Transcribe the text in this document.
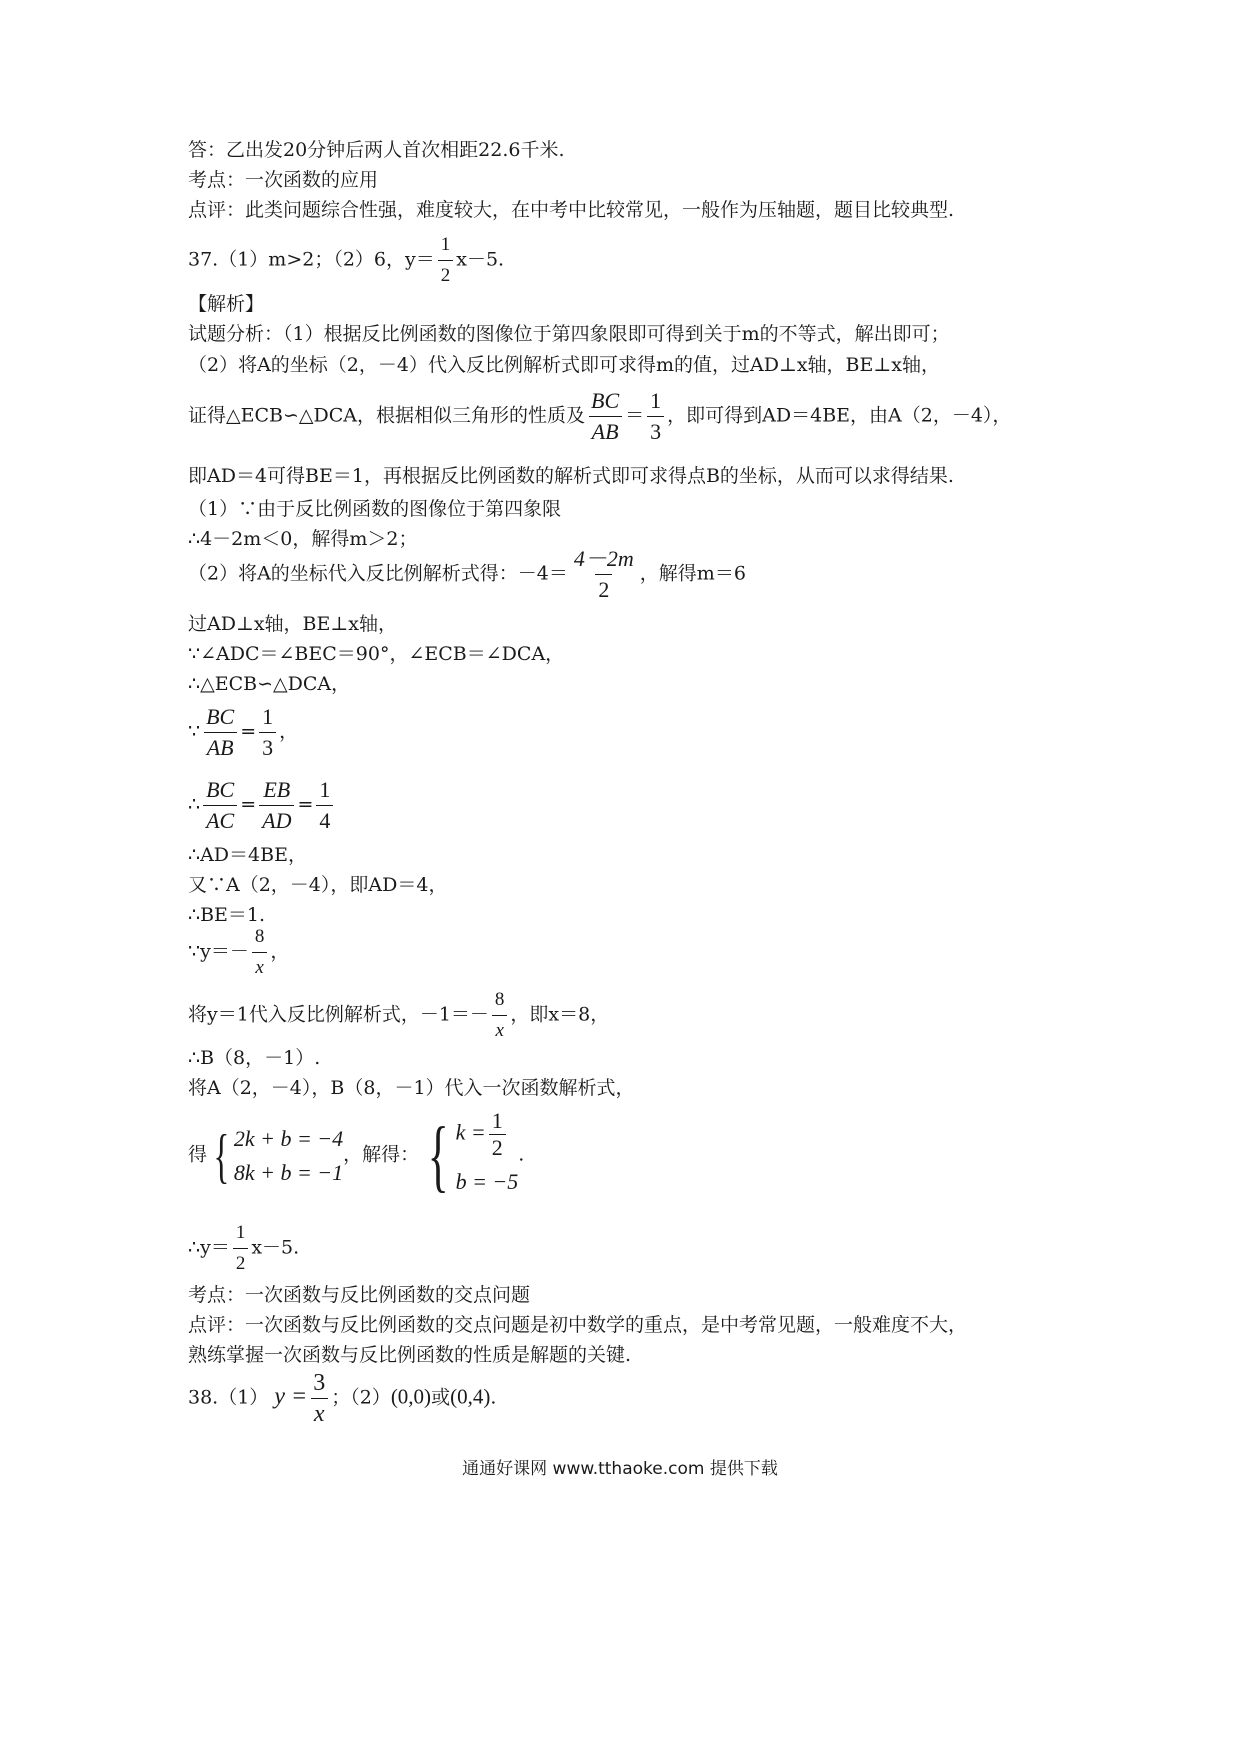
答：乙出发20分钟后两人首次相距22.6千米.
考点：一次函数的应用
点评：此类问题综合性强，难度较大，在中考中比较常见，一般作为压轴题，题目比较典型.
37.（1）m>2；（2）6，$y= \frac{1}{2} x-5$.
【解析】
试题分析：（1）根据反比例函数的图像位于第四象限即可得到关于m的不等式，解出即可；
（2）将A的坐标（2，－4）代入反比例解析式即可求得m的值，过AD⊥x轴，BE⊥x轴，
证得△ECB∽△DCA，根据相似三角形的性质及 $\frac{BC}{AB} = \frac{1}{3}$ ，即可得到AD＝4BE，由A（2，－4），
即AD＝4可得BE＝1，再根据反比例函数的解析式即可求得点B的坐标，从而可以求得结果.
（1）∵由于反比例函数的图像位于第四象限
∴4－2m＜0，解得m＞2；
（2）将A的坐标代入反比例解析式得：$-4= \frac{4-2m}{2}$ ，解得m＝6
过AD⊥x轴，BE⊥x轴，
∵∠ADC＝∠BEC＝90°，∠ECB＝∠DCA，
∴△ECB∽△DCA，
∵ $\frac{BC}{AB} = \frac{1}{3}$ ，
∴ $\frac{BC}{AC} = \frac{EB}{AD} = \frac{1}{4}$
∴AD＝4BE，
又∵A（2，－4），即AD＝4，
∴BE＝1.
∵y＝－ $\frac{8}{x}$ ，
将y＝1代入反比例解析式，$-1=- \frac{8}{x}$ ，即x＝8，
∴B（8，－1）.
将A（2，－4），B（8，－1）代入一次函数解析式，
得 { 2k + b = −4
8k + b = −1
，解得： { $k = \frac{1}{2}$
b = −5
.
∴y＝ $\frac{1}{2} x-5$.
考点：一次函数与反比例函数的交点问题
点评：一次函数与反比例函数的交点问题是初中数学的重点，是中考常见题，一般难度不大，
熟练掌握一次函数与反比例函数的性质是解题的关键.
38.（1） $y = \frac{3}{x}$ ；（2）(0,0)或(0,4).
通通好课网 www.tthaoke.com 提供下载
